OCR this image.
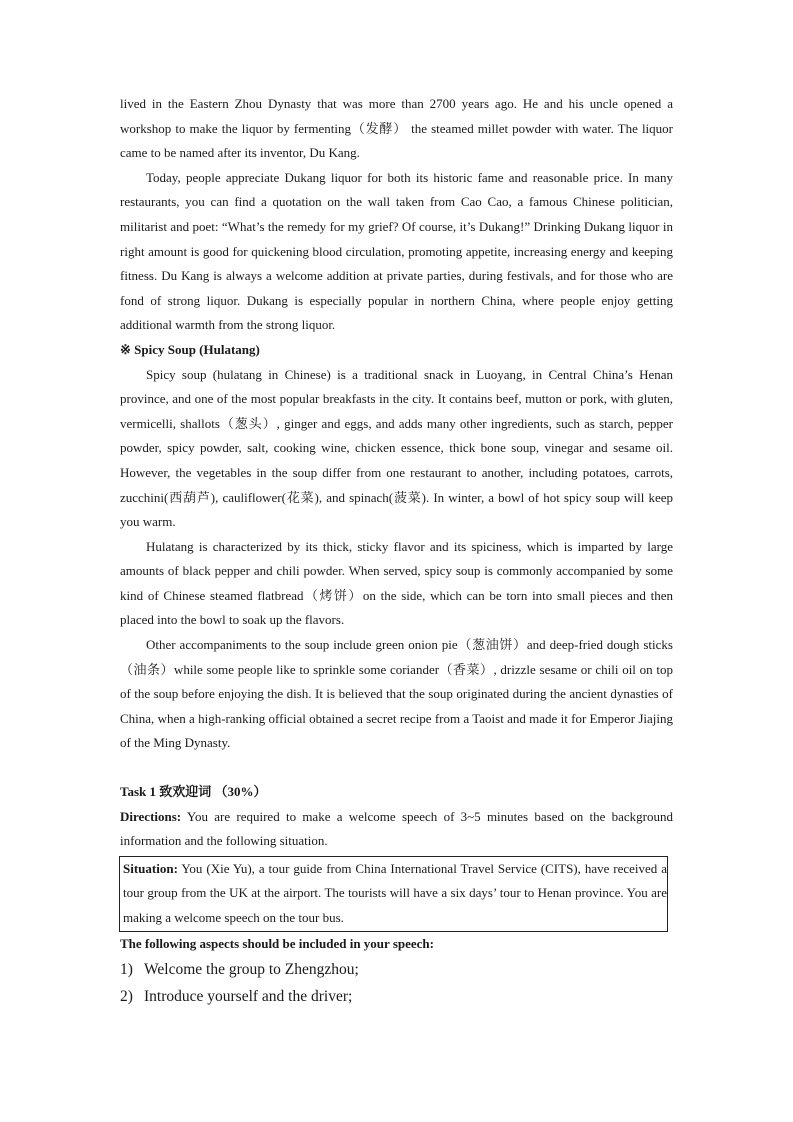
lived in the Eastern Zhou Dynasty that was more than 2700 years ago. He and his uncle opened a workshop to make the liquor by fermenting（发酵） the steamed millet powder with water. The liquor came to be named after its inventor, Du Kang.

Today, people appreciate Dukang liquor for both its historic fame and reasonable price. In many restaurants, you can find a quotation on the wall taken from Cao Cao, a famous Chinese politician, militarist and poet: “What’s the remedy for my grief? Of course, it’s Dukang!” Drinking Dukang liquor in right amount is good for quickening blood circulation, promoting appetite, increasing energy and keeping fitness. Du Kang is always a welcome addition at private parties, during festivals, and for those who are fond of strong liquor. Dukang is especially popular in northern China, where people enjoy getting additional warmth from the strong liquor.

※ Spicy Soup (Hulatang)

Spicy soup (hulatang in Chinese) is a traditional snack in Luoyang, in Central China’s Henan province, and one of the most popular breakfasts in the city. It contains beef, mutton or pork, with gluten, vermicelli, shallots（葱头）, ginger and eggs, and adds many other ingredients, such as starch, pepper powder, spicy powder, salt, cooking wine, chicken essence, thick bone soup, vinegar and sesame oil. However, the vegetables in the soup differ from one restaurant to another, including potatoes, carrots, zucchini(西葫芦), cauliflower(花菜), and spinach(菠菜). In winter, a bowl of hot spicy soup will keep you warm.

Hulatang is characterized by its thick, sticky flavor and its spiciness, which is imparted by large amounts of black pepper and chili powder. When served, spicy soup is commonly accompanied by some kind of Chinese steamed flatbread（烤饼）on the side, which can be torn into small pieces and then placed into the bowl to soak up the flavors.

Other accompaniments to the soup include green onion pie（葱油饼）and deep-fried dough sticks（油条）while some people like to sprinkle some coriander（香菜）, drizzle sesame or chili oil on top of the soup before enjoying the dish. It is believed that the soup originated during the ancient dynasties of China, when a high-ranking official obtained a secret recipe from a Taoist and made it for Emperor Jiajing of the Ming Dynasty.

Task 1 致欢迎词 （30%）

Directions: You are required to make a welcome speech of 3~5 minutes based on the background information and the following situation.

Situation: You (Xie Yu), a tour guide from China International Travel Service (CITS), have received a tour group from the UK at the airport. The tourists will have a six days’ tour to Henan province. You are making a welcome speech on the tour bus.

The following aspects should be included in your speech:

1) Welcome the group to Zhengzhou;

2) Introduce yourself and the driver;
